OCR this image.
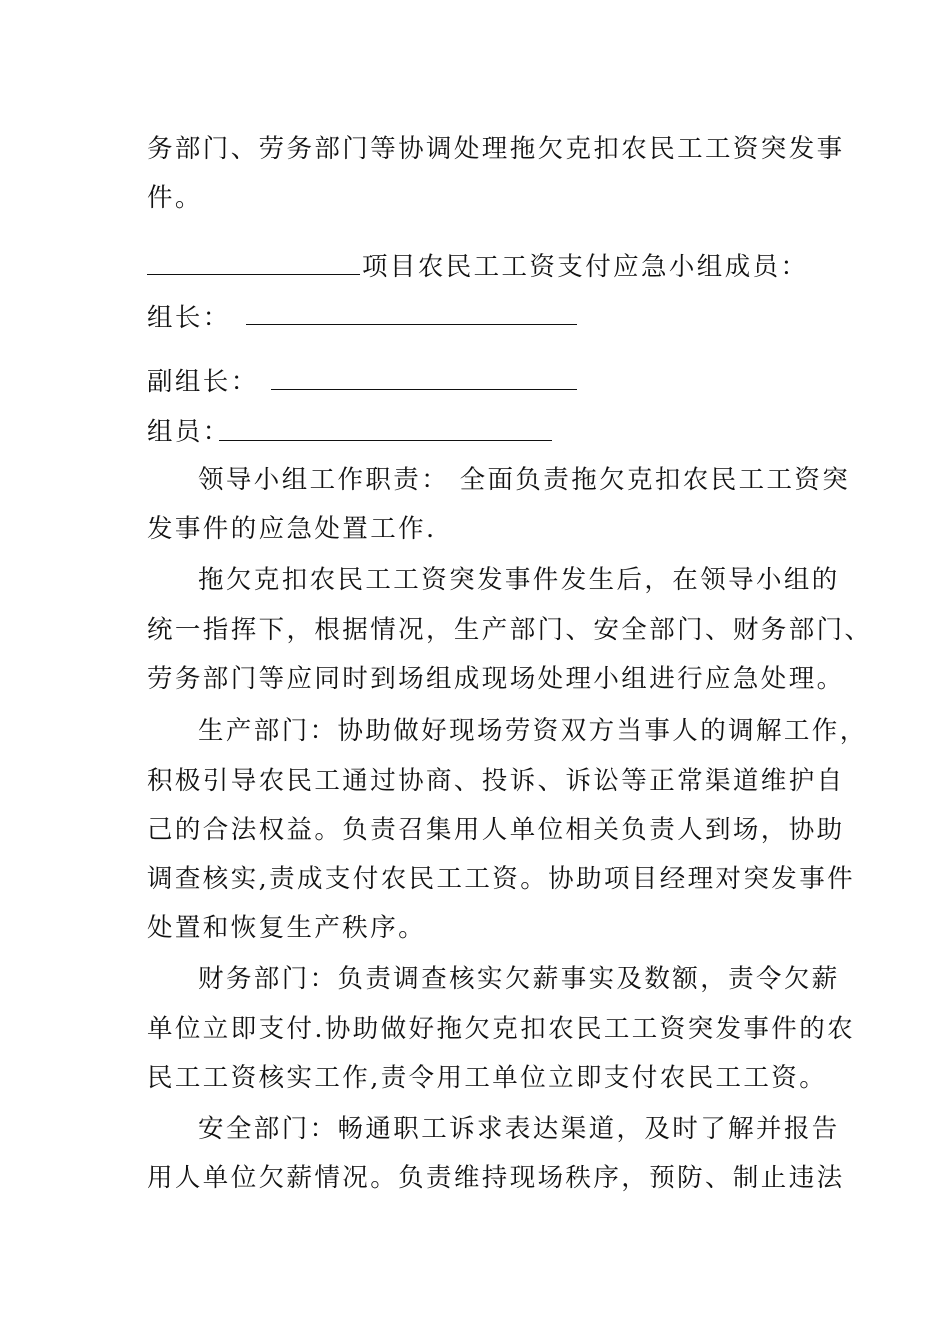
务部门、劳务部门等协调处理拖欠克扣农民工工资突发事
件。
项目农民工工资支付应急小组成员：
组长：
副组长：
组员：
领导小组工作职责： 全面负责拖欠克扣农民工工资突
发事件的应急处置工作.
拖欠克扣农民工工资突发事件发生后，在领导小组的
统一指挥下，根据情况，生产部门、安全部门、财务部门、
劳务部门等应同时到场组成现场处理小组进行应急处理。
生产部门：协助做好现场劳资双方当事人的调解工作，
积极引导农民工通过协商、投诉、诉讼等正常渠道维护自
己的合法权益。负责召集用人单位相关负责人到场，协助
调查核实,责成支付农民工工资。协助项目经理对突发事件
处置和恢复生产秩序。
财务部门：负责调查核实欠薪事实及数额，责令欠薪
单位立即支付.协助做好拖欠克扣农民工工资突发事件的农
民工工资核实工作,责令用工单位立即支付农民工工资。
安全部门：畅通职工诉求表达渠道，及时了解并报告
用人单位欠薪情况。负责维持现场秩序，预防、制止违法
